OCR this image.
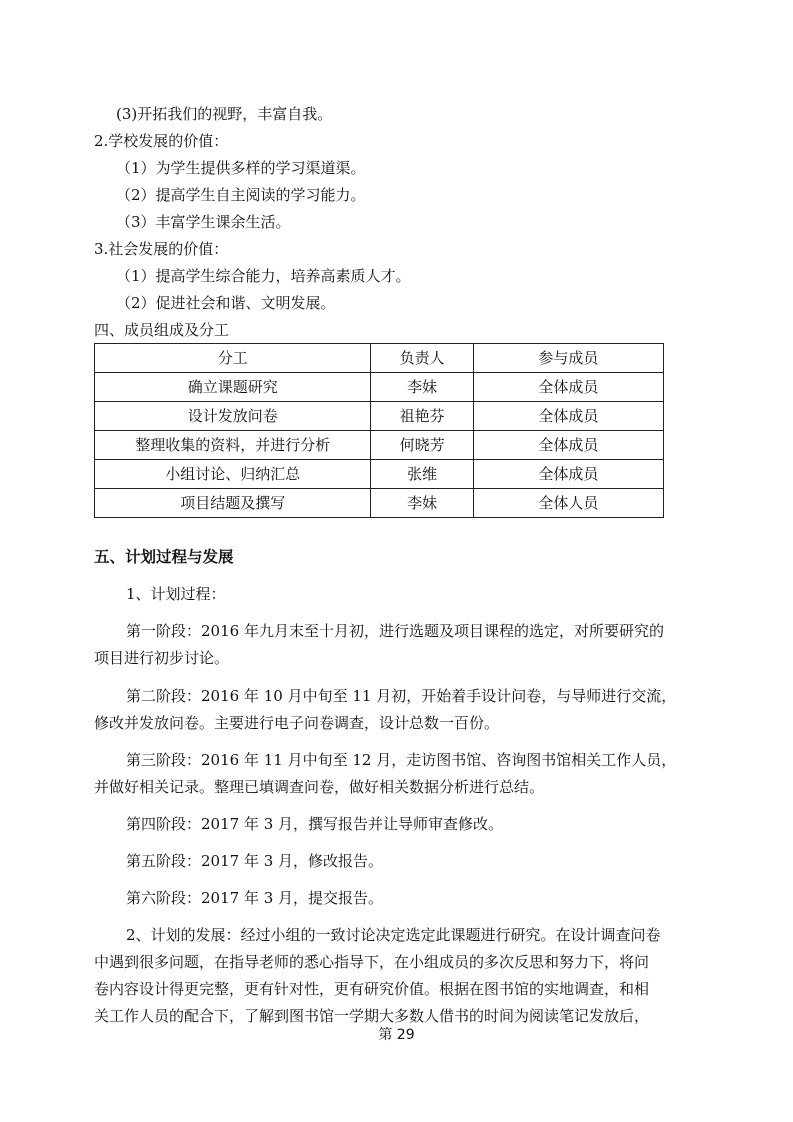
(3)开拓我们的视野，丰富自我。
2.学校发展的价值：
（1）为学生提供多样的学习渠道渠。
（2）提高学生自主阅读的学习能力。
（3）丰富学生课余生活。
3.社会发展的价值：
（1）提高学生综合能力，培养高素质人才。
（2）促进社会和谐、文明发展。
四、成员组成及分工
分工	负责人	参与成员
确立课题研究	李妹	全体成员
设计发放问卷	祖艳芬	全体成员
整理收集的资料，并进行分析	何晓芳	全体成员
小组讨论、归纳汇总	张维	全体成员
项目结题及撰写	李妹	全体人员
五、计划过程与发展
1、计划过程：
第一阶段：2016 年九月末至十月初，进行选题及项目课程的选定，对所要研究的
项目进行初步讨论。
第二阶段：2016 年 10 月中旬至 11 月初，开始着手设计问卷，与导师进行交流，
修改并发放问卷。主要进行电子问卷调查，设计总数一百份。
第三阶段：2016 年 11 月中旬至 12 月，走访图书馆、咨询图书馆相关工作人员，
并做好相关记录。整理已填调查问卷，做好相关数据分析进行总结。
第四阶段：2017 年 3 月，撰写报告并让导师审查修改。
第五阶段：2017 年 3 月，修改报告。
第六阶段：2017 年 3 月，提交报告。
2、计划的发展：经过小组的一致讨论决定选定此课题进行研究。在设计调查问卷
中遇到很多问题，在指导老师的悉心指导下，在小组成员的多次反思和努力下，将问
卷内容设计得更完整，更有针对性，更有研究价值。根据在图书馆的实地调查，和相
关工作人员的配合下，了解到图书馆一学期大多数人借书的时间为阅读笔记发放后，
第 29
